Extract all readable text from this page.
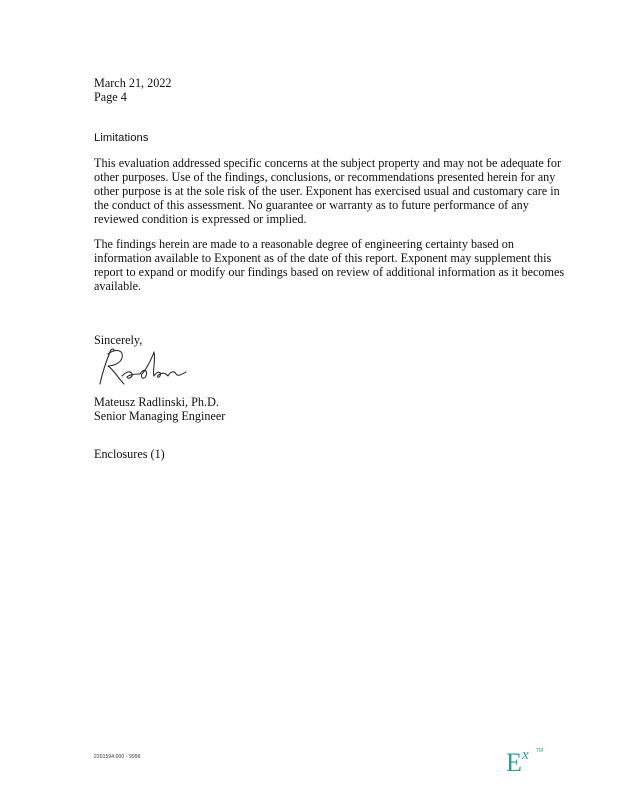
March 21, 2022
Page 4
Limitations
This evaluation addressed specific concerns at the subject property and may not be adequate for
other purposes. Use of the findings, conclusions, or recommendations presented herein for any
other purpose is at the sole risk of the user. Exponent has exercised usual and customary care in
the conduct of this assessment. No guarantee or warranty as to future performance of any
reviewed condition is expressed or implied.
The findings herein are made to a reasonable degree of engineering certainty based on
information available to Exponent as of the date of this report. Exponent may supplement this
report to expand or modify our findings based on review of additional information as it becomes
available.
Sincerely,
Mateusz Radlinski, Ph.D.
Senior Managing Engineer
Enclosures (1)
2201594.000 - 9996	E x TM
